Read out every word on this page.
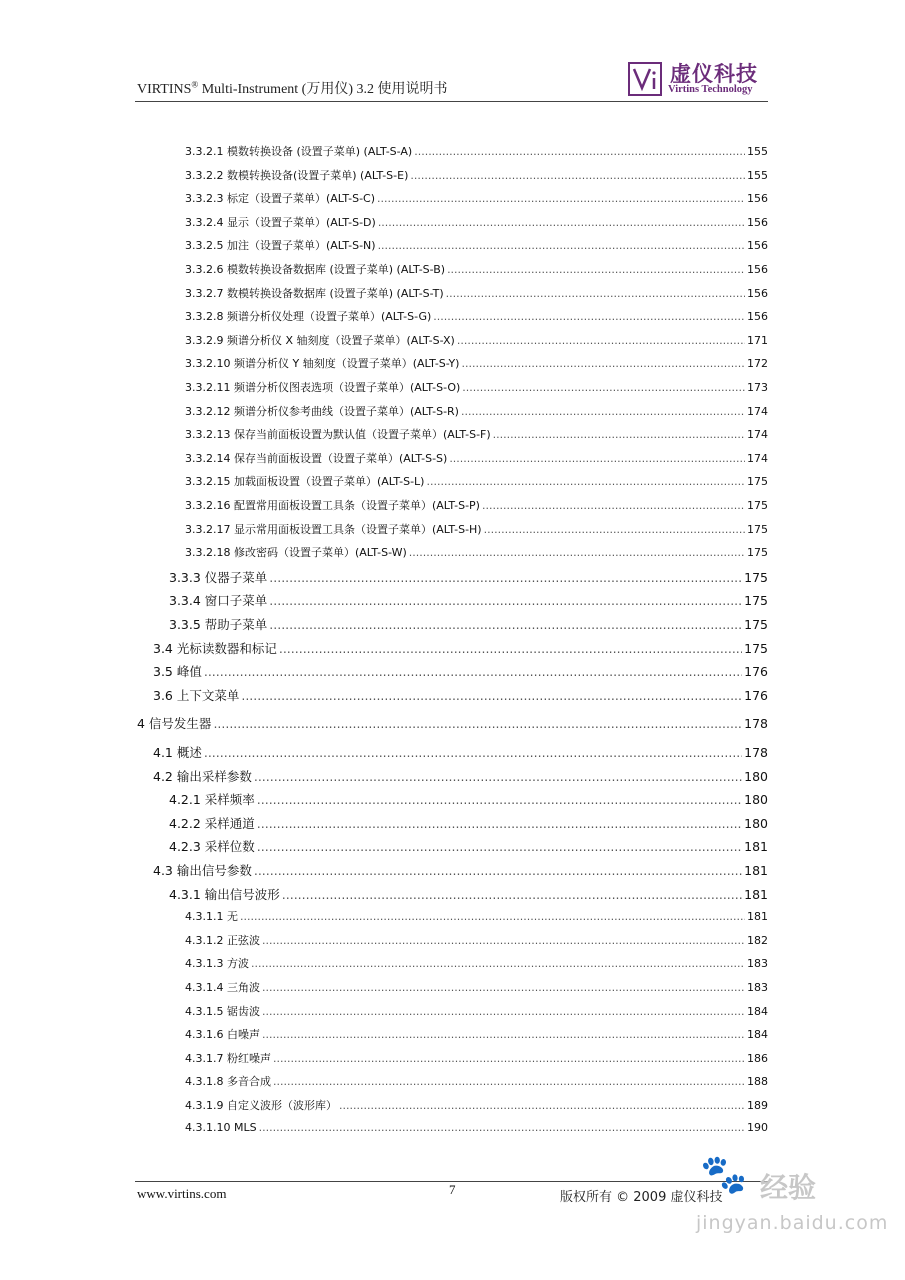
VIRTINS® Multi-Instrument (万用仪) 3.2 使用说明书
虚仪科技
Virtins Technology
3.3.2.1 模数转换设备 (设置子菜单) (ALT-S-A) .....	155
3.3.2.2 数模转换设备(设置子菜单) (ALT-S-E) .....	155
3.3.2.3 标定（设置子菜单）(ALT-S-C) .....	156
3.3.2.4 显示（设置子菜单）(ALT-S-D) .....	156
3.3.2.5 加注（设置子菜单）(ALT-S-N) .....	156
3.3.2.6 模数转换设备数据库 (设置子菜单) (ALT-S-B) .....	156
3.3.2.7 数模转换设备数据库 (设置子菜单) (ALT-S-T) .....	156
3.3.2.8 频谱分析仪处理（设置子菜单）(ALT-S-G) .....	156
3.3.2.9 频谱分析仪 X 轴刻度（设置子菜单）(ALT-S-X) .....	171
3.3.2.10 频谱分析仪 Y 轴刻度（设置子菜单）(ALT-S-Y) .....	172
3.3.2.11 频谱分析仪图表选项（设置子菜单）(ALT-S-O) .....	173
3.3.2.12 频谱分析仪参考曲线（设置子菜单）(ALT-S-R) .....	174
3.3.2.13 保存当前面板设置为默认值（设置子菜单）(ALT-S-F) .....	174
3.3.2.14 保存当前面板设置（设置子菜单）(ALT-S-S) .....	174
3.3.2.15 加载面板设置（设置子菜单）(ALT-S-L) .....	175
3.3.2.16 配置常用面板设置工具条（设置子菜单）(ALT-S-P) .....	175
3.3.2.17 显示常用面板设置工具条（设置子菜单）(ALT-S-H) .....	175
3.3.2.18 修改密码（设置子菜单）(ALT-S-W) .....	175
3.3.3 仪器子菜单 .....	175
3.3.4 窗口子菜单 .....	175
3.3.5 帮助子菜单 .....	175
3.4 光标读数器和标记 .....	175
3.5 峰值 .....	176
3.6 上下文菜单 .....	176
4 信号发生器 .....	178
4.1 概述 .....	178
4.2 输出采样参数 .....	180
4.2.1 采样频率 .....	180
4.2.2 采样通道 .....	180
4.2.3 采样位数 .....	181
4.3 输出信号参数 .....	181
4.3.1 输出信号波形 .....	181
4.3.1.1 无 .....	181
4.3.1.2 正弦波 .....	182
4.3.1.3 方波 .....	183
4.3.1.4 三角波 .....	183
4.3.1.5 锯齿波 .....	184
4.3.1.6 白噪声 .....	184
4.3.1.7 粉红噪声 .....	186
4.3.1.8 多音合成 .....	188
4.3.1.9 自定义波形（波形库） .....	189
4.3.1.10 MLS .....	190
www.virtins.com	7
版权所有 © 2009 虚仪科技
🐾 经验
jingyan.baidu.com
